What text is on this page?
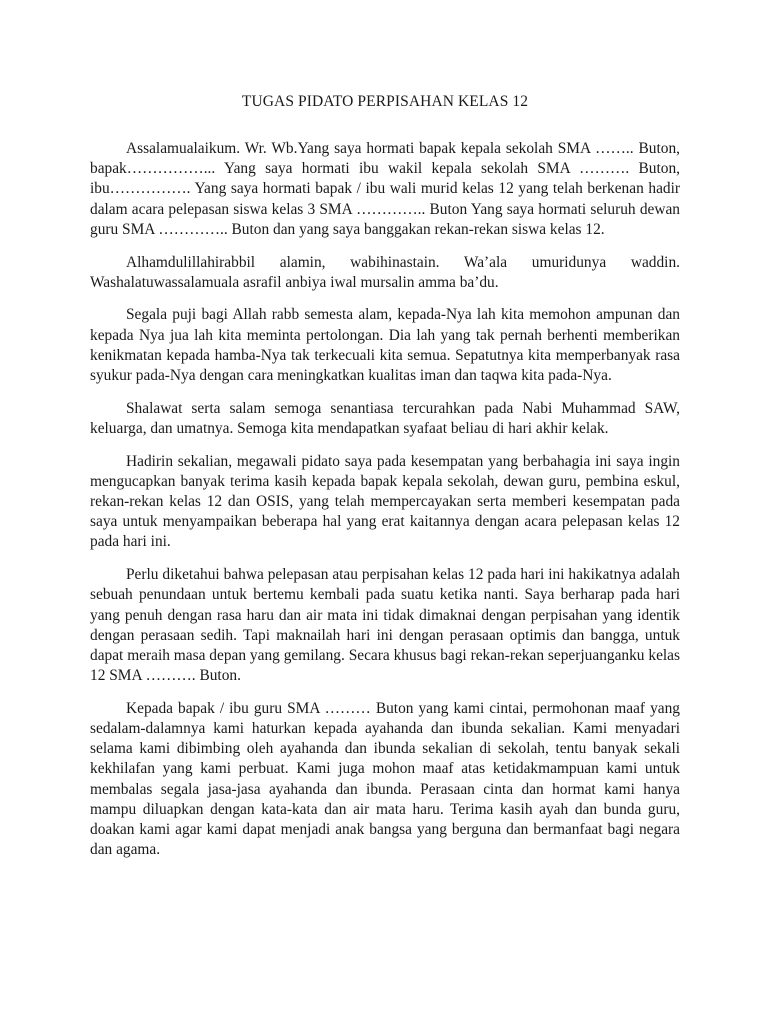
TUGAS PIDATO PERPISAHAN KELAS 12

Assalamualaikum. Wr. Wb.Yang saya hormati bapak kepala sekolah SMA …….. Buton, bapak……………... Yang saya hormati ibu wakil kepala sekolah SMA ………. Buton, ibu……………. Yang saya hormati bapak / ibu wali murid kelas 12 yang telah berkenan hadir dalam acara pelepasan siswa kelas 3 SMA ………….. Buton Yang saya hormati seluruh dewan guru SMA ………….. Buton dan yang saya banggakan rekan-rekan siswa kelas 12.

Alhamdulillahirabbil alamin, wabihinastain. Wa’ala umuridunya waddin. Washalatuwassalamuala asrafil anbiya iwal mursalin amma ba’du.

Segala puji bagi Allah rabb semesta alam, kepada-Nya lah kita memohon ampunan dan kepada Nya jua lah kita meminta pertolongan. Dia lah yang tak pernah berhenti memberikan kenikmatan kepada hamba-Nya tak terkecuali kita semua. Sepatutnya kita memperbanyak rasa syukur pada-Nya dengan cara meningkatkan kualitas iman dan taqwa kita pada-Nya.

Shalawat serta salam semoga senantiasa tercurahkan pada Nabi Muhammad SAW, keluarga, dan umatnya. Semoga kita mendapatkan syafaat beliau di hari akhir kelak.

Hadirin sekalian, megawali pidato saya pada kesempatan yang berbahagia ini saya ingin mengucapkan banyak terima kasih kepada bapak kepala sekolah, dewan guru, pembina eskul, rekan-rekan kelas 12 dan OSIS, yang telah mempercayakan serta memberi kesempatan pada saya untuk menyampaikan beberapa hal yang erat kaitannya dengan acara pelepasan kelas 12 pada hari ini.

Perlu diketahui bahwa pelepasan atau perpisahan kelas 12 pada hari ini hakikatnya adalah sebuah penundaan untuk bertemu kembali pada suatu ketika nanti. Saya berharap pada hari yang penuh dengan rasa haru dan air mata ini tidak dimaknai dengan perpisahan yang identik dengan perasaan sedih. Tapi maknailah hari ini dengan perasaan optimis dan bangga, untuk dapat meraih masa depan yang gemilang. Secara khusus bagi rekan-rekan seperjuanganku kelas 12 SMA ………. Buton.

Kepada bapak / ibu guru SMA ……… Buton yang kami cintai, permohonan maaf yang sedalam-dalamnya kami haturkan kepada ayahanda dan ibunda sekalian. Kami menyadari selama kami dibimbing oleh ayahanda dan ibunda sekalian di sekolah, tentu banyak sekali kekhilafan yang kami perbuat. Kami juga mohon maaf atas ketidakmampuan kami untuk membalas segala jasa-jasa ayahanda dan ibunda. Perasaan cinta dan hormat kami hanya mampu diluapkan dengan kata-kata dan air mata haru. Terima kasih ayah dan bunda guru, doakan kami agar kami dapat menjadi anak bangsa yang berguna dan bermanfaat bagi negara dan agama.
